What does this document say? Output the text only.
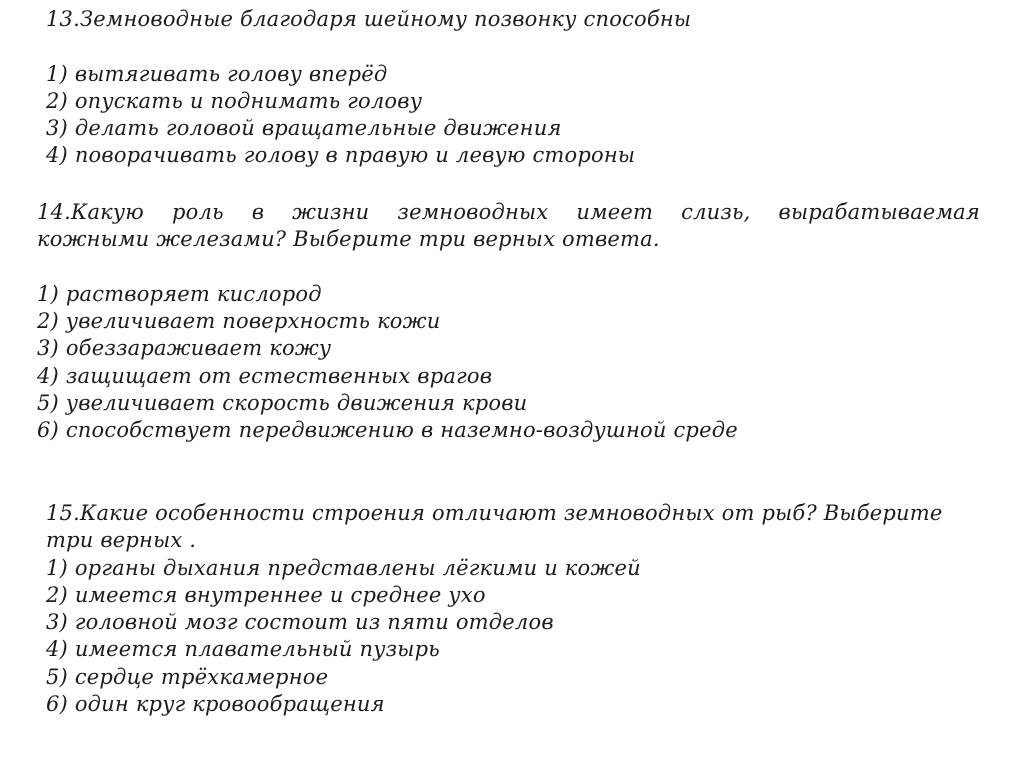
13.Земноводные благодаря шейному позвонку способны
1) вытягивать голову вперёд
2) опускать и поднимать голову
3) делать головой вращательные движения
4) поворачивать голову в правую и левую стороны
14.Какую роль в жизни земноводных имеет слизь, вырабатываемая
кожными железами? Выберите три верных ответа.
1) растворяет кислород
2) увеличивает поверхность кожи
3) обеззараживает кожу
4) защищает от естественных врагов
5) увеличивает скорость движения крови
6) способствует передвижению в наземно-воздушной среде
15.Какие особенности строения отличают земноводных от рыб? Выберите
три верных .
1) органы дыхания представлены лёгкими и кожей
2) имеется внутреннее и среднее ухо
3) головной мозг состоит из пяти отделов
4) имеется плавательный пузырь
5) сердце трёхкамерное
6) один круг кровообращения
